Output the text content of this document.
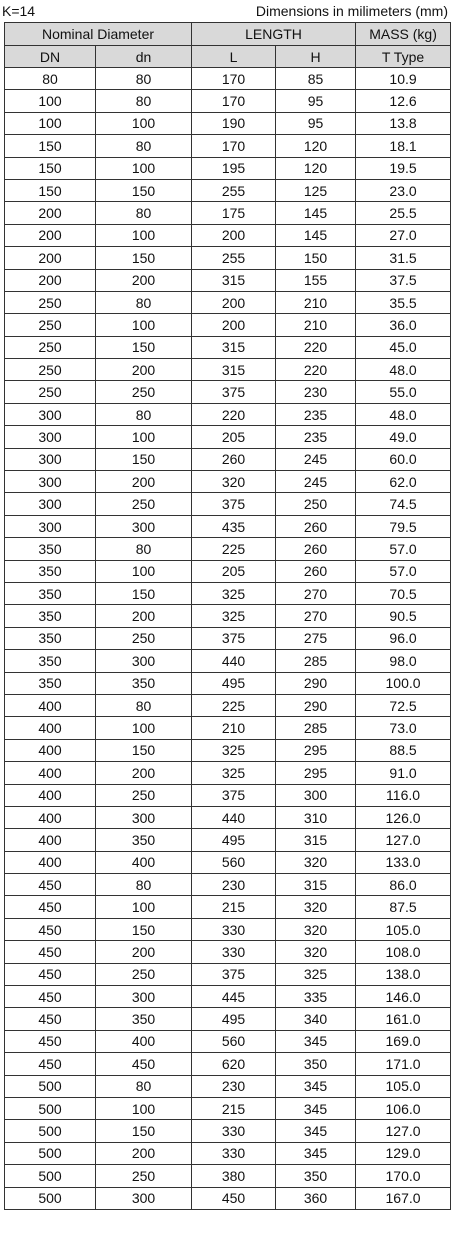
K=14	Dimensions in milimeters (mm)
Nominal Diameter		LENGTH		MASS (kg)
DN	dn	L	H	T Type
80	80	170	85	10.9
100	80	170	95	12.6
100	100	190	95	13.8
150	80	170	120	18.1
150	100	195	120	19.5
150	150	255	125	23.0
200	80	175	145	25.5
200	100	200	145	27.0
200	150	255	150	31.5
200	200	315	155	37.5
250	80	200	210	35.5
250	100	200	210	36.0
250	150	315	220	45.0
250	200	315	220	48.0
250	250	375	230	55.0
300	80	220	235	48.0
300	100	205	235	49.0
300	150	260	245	60.0
300	200	320	245	62.0
300	250	375	250	74.5
300	300	435	260	79.5
350	80	225	260	57.0
350	100	205	260	57.0
350	150	325	270	70.5
350	200	325	270	90.5
350	250	375	275	96.0
350	300	440	285	98.0
350	350	495	290	100.0
400	80	225	290	72.5
400	100	210	285	73.0
400	150	325	295	88.5
400	200	325	295	91.0
400	250	375	300	116.0
400	300	440	310	126.0
400	350	495	315	127.0
400	400	560	320	133.0
450	80	230	315	86.0
450	100	215	320	87.5
450	150	330	320	105.0
450	200	330	320	108.0
450	250	375	325	138.0
450	300	445	335	146.0
450	350	495	340	161.0
450	400	560	345	169.0
450	450	620	350	171.0
500	80	230	345	105.0
500	100	215	345	106.0
500	150	330	345	127.0
500	200	330	345	129.0
500	250	380	350	170.0
500	300	450	360	167.0
